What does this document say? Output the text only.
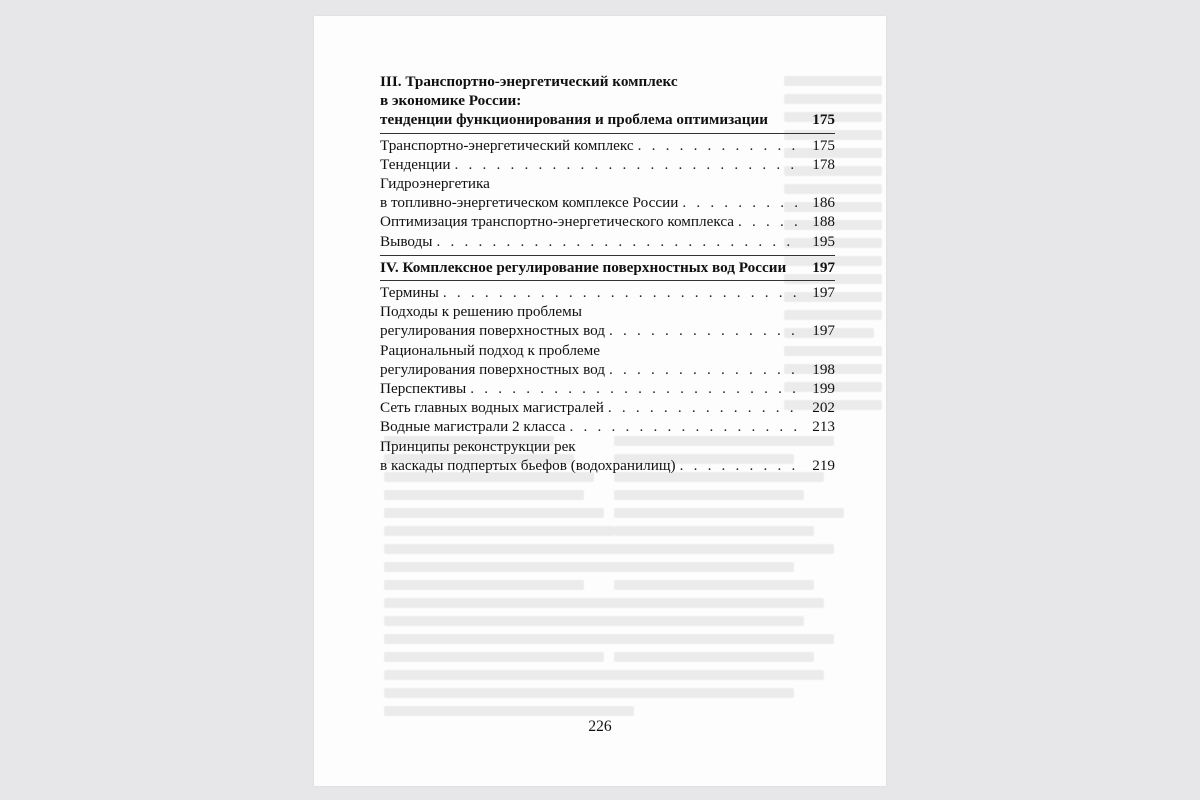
III. Транспортно-энергетический комплекс
в экономике России:
тенденции функционирования и проблема оптимизации	175
Транспортно-энергетический комплекс . . .	175
Тенденции . . .	178
Гидроэнергетика
в топливно-энергетическом комплексе России . . .	186
Оптимизация транспортно-энергетического комплекса . . .	188
Выводы . . .	195
IV. Комплексное регулирование поверхностных вод России	197
Термины . . .	197
Подходы к решению проблемы
регулирования поверхностных вод . . .	197
Рациональный подход к проблеме
регулирования поверхностных вод . . .	198
Перспективы . . .	199
Сеть главных водных магистралей . . .	202
Водные магистрали 2 класса . . .	213
Принципы реконструкции рек
в каскады подпертых бьефов (водохранилищ) . . .	219
226
